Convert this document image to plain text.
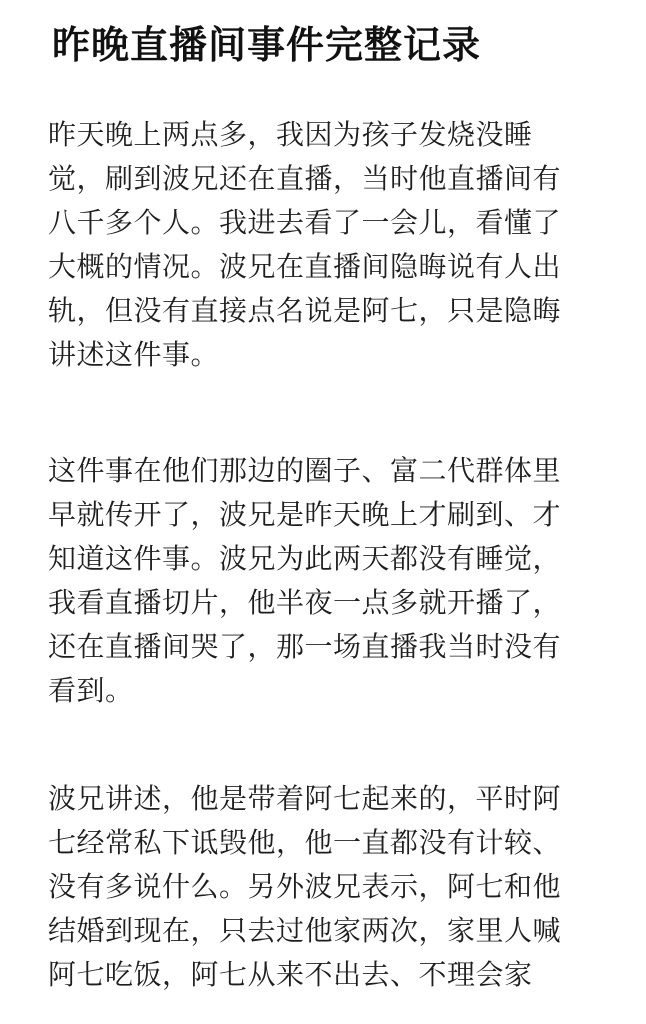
昨晚直播间事件完整记录

昨天晚上两点多，我因为孩子发烧没睡
觉，刷到波兄还在直播，当时他直播间有
八千多个人。我进去看了一会儿，看懂了
大概的情况。波兄在直播间隐晦说有人出
轨，但没有直接点名说是阿七，只是隐晦
讲述这件事。

这件事在他们那边的圈子、富二代群体里
早就传开了，波兄是昨天晚上才刷到、才
知道这件事。波兄为此两天都没有睡觉，
我看直播切片，他半夜一点多就开播了，
还在直播间哭了，那一场直播我当时没有
看到。

波兄讲述，他是带着阿七起来的，平时阿
七经常私下诋毁他，他一直都没有计较、
没有多说什么。另外波兄表示，阿七和他
结婚到现在，只去过他家两次，家里人喊
阿七吃饭，阿七从来不出去、不理会家
